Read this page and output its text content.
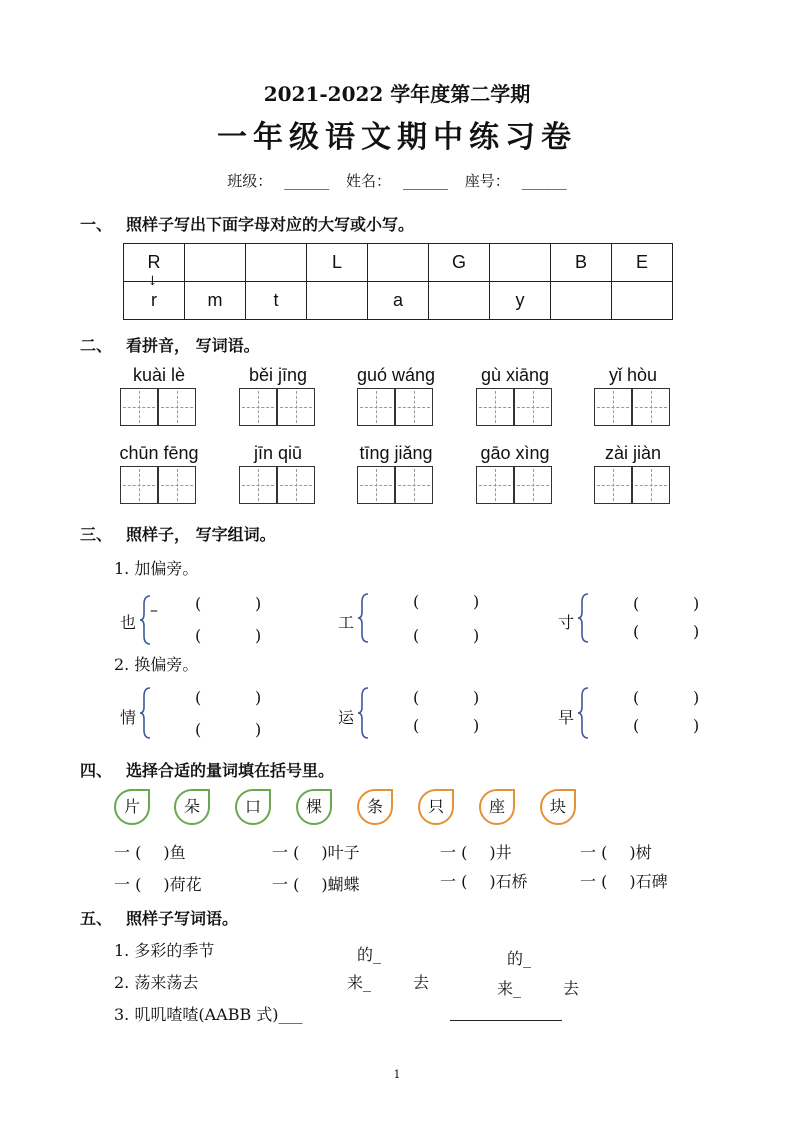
2021-2022 学年度第二学期
一年级语文期中练习卷
班级： ______ 姓名： ______ 座号： ______
一、 照样子写出下面字母对应的大写或小写。
R			L		G		B	E
r	m	t		a		y		
↓
二、 看拼音， 写词语。
kuài lè	běi jīng	guó wáng	gù xiāng	yǐ hòu
chūn fēng	jīn qiū	tīng jiǎng	gāo xìng	zài jiàn
三、 照样子， 写字组词。
1. 加偏旁。
也
– (	)
(	)
工
(	)
(	)
寸
(	)
(	)
2. 换偏旁。
情
(	)
(	)
运
(	)
(	)	早
(	)
(	)
四、 选择合适的量词填在括号里。
片	朵	口	棵	条	只	座	块
一 ( )鱼	一 ( )叶子	一 ( )井	一 ( )树
一 ( )荷花	一 ( )蝴蝶	一 ( )石桥	一 ( )石碑
五、 照样子写词语。
1. 多彩的季节
2. 荡来荡去
3. 叽叽喳喳(AABB 式)___
的_	的_
来_	去	来_	去
1
